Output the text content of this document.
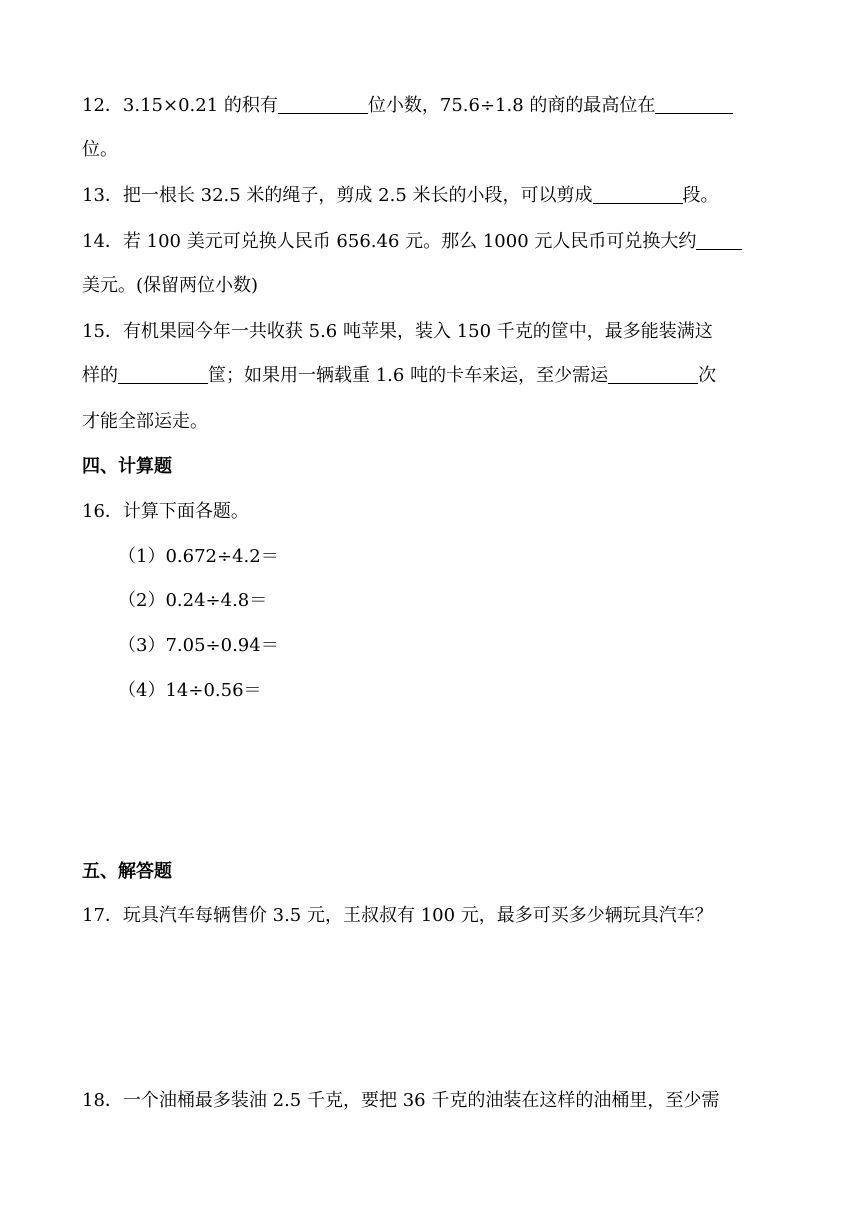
12．3.15×0.21 的积有	位小数，75.6÷1.8 的商的最高位在
位。
13．把一根长 32.5 米的绳子，剪成 2.5 米长的小段，可以剪成	段。
14．若 100 美元可兑换人民币 656.46 元。那么 1000 元人民币可兑换大约
美元。(保留两位小数)
15．有机果园今年一共收获 5.6 吨苹果，装入 150 千克的筐中，最多能装满这
样的	筐；如果用一辆载重 1.6 吨的卡车来运，至少需运	次
才能全部运走。
四、计算题
16．计算下面各题。
（1）0.672÷4.2＝
（2）0.24÷4.8＝
（3）7.05÷0.94＝
（4）14÷0.56＝
五、解答题
17．玩具汽车每辆售价 3.5 元，王叔叔有 100 元，最多可买多少辆玩具汽车？
18．一个油桶最多装油 2.5 千克，要把 36 千克的油装在这样的油桶里，至少需
